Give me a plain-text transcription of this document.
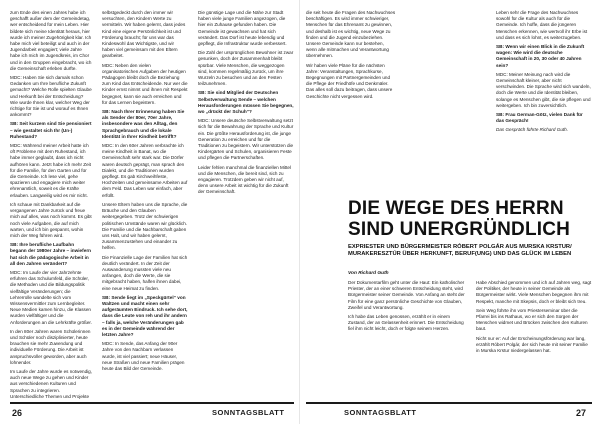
zum Ende des einen Jahres habe ich geschafft außer dem der Gemeindetag, wer entscheidend für mein Leben. Hier bildete sich meine Identität heraus, hier wurde ich meiner Zugehörigkeit klar. Ich habe mich viel beteiligt und auch in der Jugendarbeit engagiert; viele Jahre habe ich mich im Jugendkreis, im Chor und in den Gruppen eingebracht, wo ich die Gemeinschaft erleben durfte.

MDC: Haben Sie sich damals schon Gedanken um Ihre berufliche Zukunft gemacht? Welche Rolle spielten Glaube und Herkunft bei der Entscheidung? Wie wurde Ihnen klar, welcher Weg der richtige für Sie ist und worauf es Ihnen ankommt?

SB: Seit kurzem sind Sie pensioniert – wie gestaltet sich Ihr (Un-) Ruhestand?

MDC: Während meiner Arbeit hatte ich oft Probleme mit dem Ruhestand, ich habe immer geglaubt, dass ich nicht aufhören kann. Jetzt habe ich mehr Zeit für die Familie, für den Garten und für die Gemeinde. Ich lese viel, gehe spazieren und engagiere mich weiter ehrenamtlich, soweit es die Kräfte erlauben. Langweilig wird es mir nicht.

Ich schaue mit Dankbarkeit auf die vergangenen Jahre zurück und freue mich auf alles, was noch kommt. Es gibt noch viele Aufgaben, die auf mich warten, und ich bin gespannt, wohin mich der Weg führen wird.

SB: Ihre berufliche Laufbahn begann der 1980er Jahre – inwiefern hat sich die pädagogische Arbeit in all den Jahren verändert?

MDC: Im Laufe der vier Jahrzehnte erfuhren das Schulumfeld, die Schüler, die Methoden und die Bildungspolitik vielfältige Veränderungen; die Lehrerrolle wandelte sich vom Wissensvermittler zum Lernbegleiter. Neue Medien kamen hinzu, die Klassen wurden vielfältiger und die Anforderungen an die Lehrkräfte größer.

In den 80er Jahren waren Schülerinnen und Schüler noch disziplinierter, heute brauchen sie mehr Zuwendung und individuelle Förderung. Die Arbeit ist anspruchsvoller geworden, aber auch lohnender.

Im Laufe der Jahre wurde es notwendig, auch neue Wege zu gehen und Kinder aus verschiedenen Kulturen und Sprachen zu integrieren. Unterschiedliche Themen und Projekte

selbstgedeckt durch den immer wir versuchten, den Kindern Werte zu vermitteln. Wir haben gelernt, dass jedes Kind eine eigene Persönlichkeit ist und Förderung braucht; für uns war das Kindeswohl das Wichtigste, und wir haben viel gemeinsam mit den Eltern gearbeitet.

MDC: Neben den vielen organisatorischen Aufgaben der heutigen Pädagogen bleibt doch die Beziehung zum Kind das Entscheidende. Nur wer die Kinder ernst nimmt und ihnen mit Respekt begegnet, kann sie auch erreichen und für das Lernen begeistern.

SB: Nach Ihrer Erinnerung haben Sie als Sender der 80er, 70er Jahre, insbesondere was den Alltag, den Sprachgebrauch und die lokale Identität in Ihrer Kindheit betrifft?

MDC: In den 60er Jahren verbrachte ich meine Kindheit in Banat, wo die Gemeinschaft sehr stark war. Die Dörfer waren deutsch geprägt, man sprach den Dialekt, und die Traditionen wurden gepflegt. Es gab Kirchweihfeste, Hochzeiten und gemeinsame Arbeiten auf dem Feld. Das Leben war einfach, aber erfüllt.

Unsere Eltern haben uns die Sprache, die Bräuche und den Glauben weitergegeben. Trotz der schwierigen politischen Umstände waren wir glücklich. Die Familie und die Nachbarschaft gaben uns Halt, und wir haben gelernt, zusammenzustehen und einander zu helfen.

Die Finanzielle Lage der Familien hat sich deutlich verändert. In der Zeit der Auswanderung mussten viele neu anfangen, doch die Werte, die sie mitgebracht haben, halfen ihnen dabei, eine neue Heimat zu finden.

SB: Sende liegt im „Speckgürtel“ von Waltzen und macht einen sehr aufgeräumten Eindruck. Ich sehe dort, dass die Leute von reh und ihr andern – falls ja, welche Veränderungen gab es in der Gemeinde während der letzten Jahre?

MDC: In Sende, das Anfang der 90er Jahre von den Nachbarn verlassen wurde, ist viel passiert; neue Häuser, neue Straßen und neue Familien prägen heute das Bild der Gemeinde.

Die günstige Lage und die Nähe zur Stadt haben viele junge Familien angezogen, die hier ein Zuhause gefunden haben. Die Gemeinde ist gewachsen und hat sich verändert. Das Dorf ist heute lebendig und gepflegt, die Infrastruktur wurde verbessert.

Die Zahl der ursprünglichen Bewohner ist zwar gesunken, doch der Zusammenhalt bleibt spürbar. Viele Menschen, die weggezogen sind, kommen regelmäßig zurück, um ihre Wurzeln zu besuchen und an den Festen teilzunehmen.

SB: Sie sind Mitglied der Deutschen Selbstverwaltung Sende – welchen Herausforderungen müssen Sie begegnen, wo „drückt der Schuh“?

MDC: Unsere deutsche Selbstverwaltung setzt sich für die Bewahrung der Sprache und Kultur ein. Die größte Herausforderung ist, die junge Generation zu erreichen und für die Traditionen zu begeistern. Wir unterstützen die Kindergärten und Schulen, organisieren Feste und pflegen die Partnerschaften.

Leider fehlen manchmal die finanziellen Mittel und die Menschen, die bereit sind, sich zu engagieren. Trotzdem geben wir nicht auf, denn unsere Arbeit ist wichtig für die Zukunft der Gemeinschaft.

26	SONNTAGSBLATT

die seit heute die Fragen des Nachwuchses beschäftigen. Es wird immer schwieriger, Menschen für das Ehrenamt zu gewinnen, und deshalb ist es wichtig, neue Wege zu finden und die Jugend einzubeziehen. Unsere Gemeinde kann nur bestehen, wenn alle mitmachen und Verantwortung übernehmen.

Wir haben viele Pläne für die nächsten Jahre: Veranstaltungen, Sprachkurse, Begegnungen mit Partnergemeinden und die Pflege der Friedhöfe und Denkmäler. Das alles soll dazu beitragen, dass unsere Geschichte nicht vergessen wird.

Leben sehr die Frage des Nachwuchses sowohl für die Kultur als auch für die Gemeinde. Ich hoffe, dass die jüngeren Menschen erkennen, wie wertvoll ihr Erbe ist und dass es sich lohnt, es weiterzugeben.

SB: Wenn wir einen Blick in die Zukunft wagen: Wie wird die deutsche Gemeinschaft in 20, 30 oder 40 Jahren sein?

MDC: Meiner Meinung nach wird die Gemeinschaft kleiner, aber nicht verschwinden. Die Sprache wird sich wandeln, doch die Werte und die Identität bleiben, solange es Menschen gibt, die sie pflegen und weitergeben. Ich bin zuversichtlich.

SB: Frau German-Götz, vielen Dank für das Gespräch!

Das Gespräch führte Richard Guth.

Der Dokumentarfilm geht unter die Haut: Ein katholischer Priester, der an einer schweren Entscheidung steht, wird Bürgermeister seiner Gemeinde. Von Anfang an steht der Film für eine ganz persönliche Geschichte von Glauben, Zweifel und Verantwortung.

Ich habe das Leben genossen, erzählt er in einem Zustand, der an Gelassenheit erinnert. Die Entscheidung fiel ihm nicht leicht, doch er folgte seinem Herzen.

Habe Abschied genommen und ich auf Jahren weg, sagt der Politiker, der heute in seiner Gemeinde als Bürgermeister wirkt. Viele Menschen begegnen ihm mit Respekt, manche mit Skepsis, doch er bleibt sich treu.

Sein Weg führte ihn vom Priesterseminar über die Pfarrei bis ins Rathaus, wo er sich den Sorgen der Menschen widmet und Brücken zwischen den Kulturen baut.

Nicht nur er: Auf der Erscheinungsförderung war lang, erzählt Róbert Polgár, der sich heute mit seiner Familie in Murska Krstur niedergelassen hat.

SONNTAGSBLATT	27
DIE WEGE DES HERRN SIND UNERGRÜNDLICH
EXPRIESTER UND BÜRGERMEISTER RÓBERT POLGÁR AUS MURSKA KRSTUR/ MURAKERESZTÚR ÜBER HERKUNFT, BERUF(UNG) UND DAS GLÜCK IM LEBEN
Von Richard Guth
